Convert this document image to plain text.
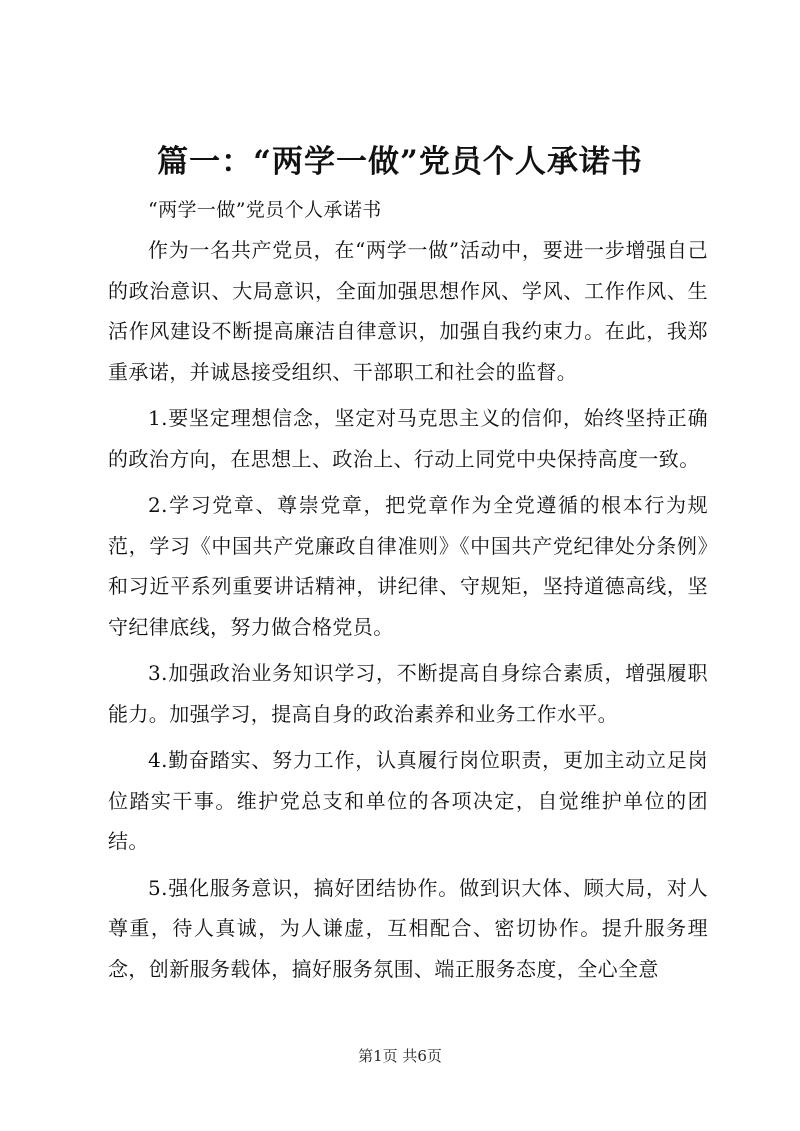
篇一：“两学一做”党员个人承诺书

“两学一做”党员个人承诺书

作为一名共产党员，在“两学一做”活动中，要进一步增强自己的政治意识、大局意识，全面加强思想作风、学风、工作作风、生活作风建设不断提高廉洁自律意识，加强自我约束力。在此，我郑重承诺，并诚恳接受组织、干部职工和社会的监督。

1.要坚定理想信念，坚定对马克思主义的信仰，始终坚持正确的政治方向，在思想上、政治上、行动上同党中央保持高度一致。

2.学习党章、尊崇党章，把党章作为全党遵循的根本行为规范，学习《中国共产党廉政自律准则》《中国共产党纪律处分条例》和习近平系列重要讲话精神，讲纪律、守规矩，坚持道德高线，坚守纪律底线，努力做合格党员。

3.加强政治业务知识学习，不断提高自身综合素质，增强履职能力。加强学习，提高自身的政治素养和业务工作水平。

4.勤奋踏实、努力工作，认真履行岗位职责，更加主动立足岗位踏实干事。维护党总支和单位的各项决定，自觉维护单位的团结。

5.强化服务意识，搞好团结协作。做到识大体、顾大局，对人尊重，待人真诚，为人谦虚，互相配合、密切协作。提升服务理念，创新服务载体，搞好服务氛围、端正服务态度，全心全意

第1页 共6页
